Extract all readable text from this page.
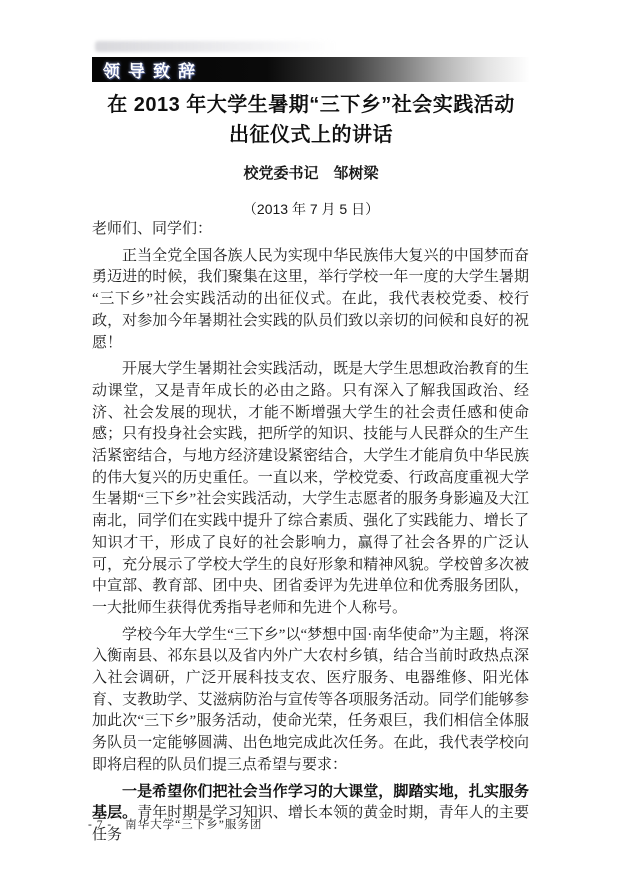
领导致辞
在 2013 年大学生暑期“三下乡”社会实践活动
出征仪式上的讲话
校党委书记　邹树梁
（2013 年 7 月 5 日）

老师们、同学们：

正当全党全国各族人民为实现中华民族伟大复兴的中国梦而奋勇迈进的时候，我们聚集在这里，举行学校一年一度的大学生暑期“三下乡”社会实践活动的出征仪式。在此，我代表校党委、校行政，对参加今年暑期社会实践的队员们致以亲切的问候和良好的祝愿！

开展大学生暑期社会实践活动，既是大学生思想政治教育的生动课堂，又是青年成长的必由之路。只有深入了解我国政治、经济、社会发展的现状，才能不断增强大学生的社会责任感和使命感；只有投身社会实践，把所学的知识、技能与人民群众的生产生活紧密结合，与地方经济建设紧密结合，大学生才能肩负中华民族的伟大复兴的历史重任。一直以来，学校党委、行政高度重视大学生暑期“三下乡”社会实践活动，大学生志愿者的服务身影遍及大江南北，同学们在实践中提升了综合素质、强化了实践能力、增长了知识才干，形成了良好的社会影响力，赢得了社会各界的广泛认可，充分展示了学校大学生的良好形象和精神风貌。学校曾多次被中宣部、教育部、团中央、团省委评为先进单位和优秀服务团队，一大批师生获得优秀指导老师和先进个人称号。

学校今年大学生“三下乡”以“梦想中国·南华使命”为主题，将深入衡南县、祁东县以及省内外广大农村乡镇，结合当前时政热点深入社会调研，广泛开展科技支农、医疗服务、电器维修、阳光体育、支教助学、艾滋病防治与宣传等各项服务活动。同学们能够参加此次“三下乡”服务活动，使命光荣，任务艰巨，我们相信全体服务队员一定能够圆满、出色地完成此次任务。在此，我代表学校向即将启程的队员们提三点希望与要求：

一是希望你们把社会当作学习的大课堂，脚踏实地，扎实服务基层。青年时期是学习知识、增长本领的黄金时期，青年人的主要任务

- 7 - 南华大学“三下乡”服务团
